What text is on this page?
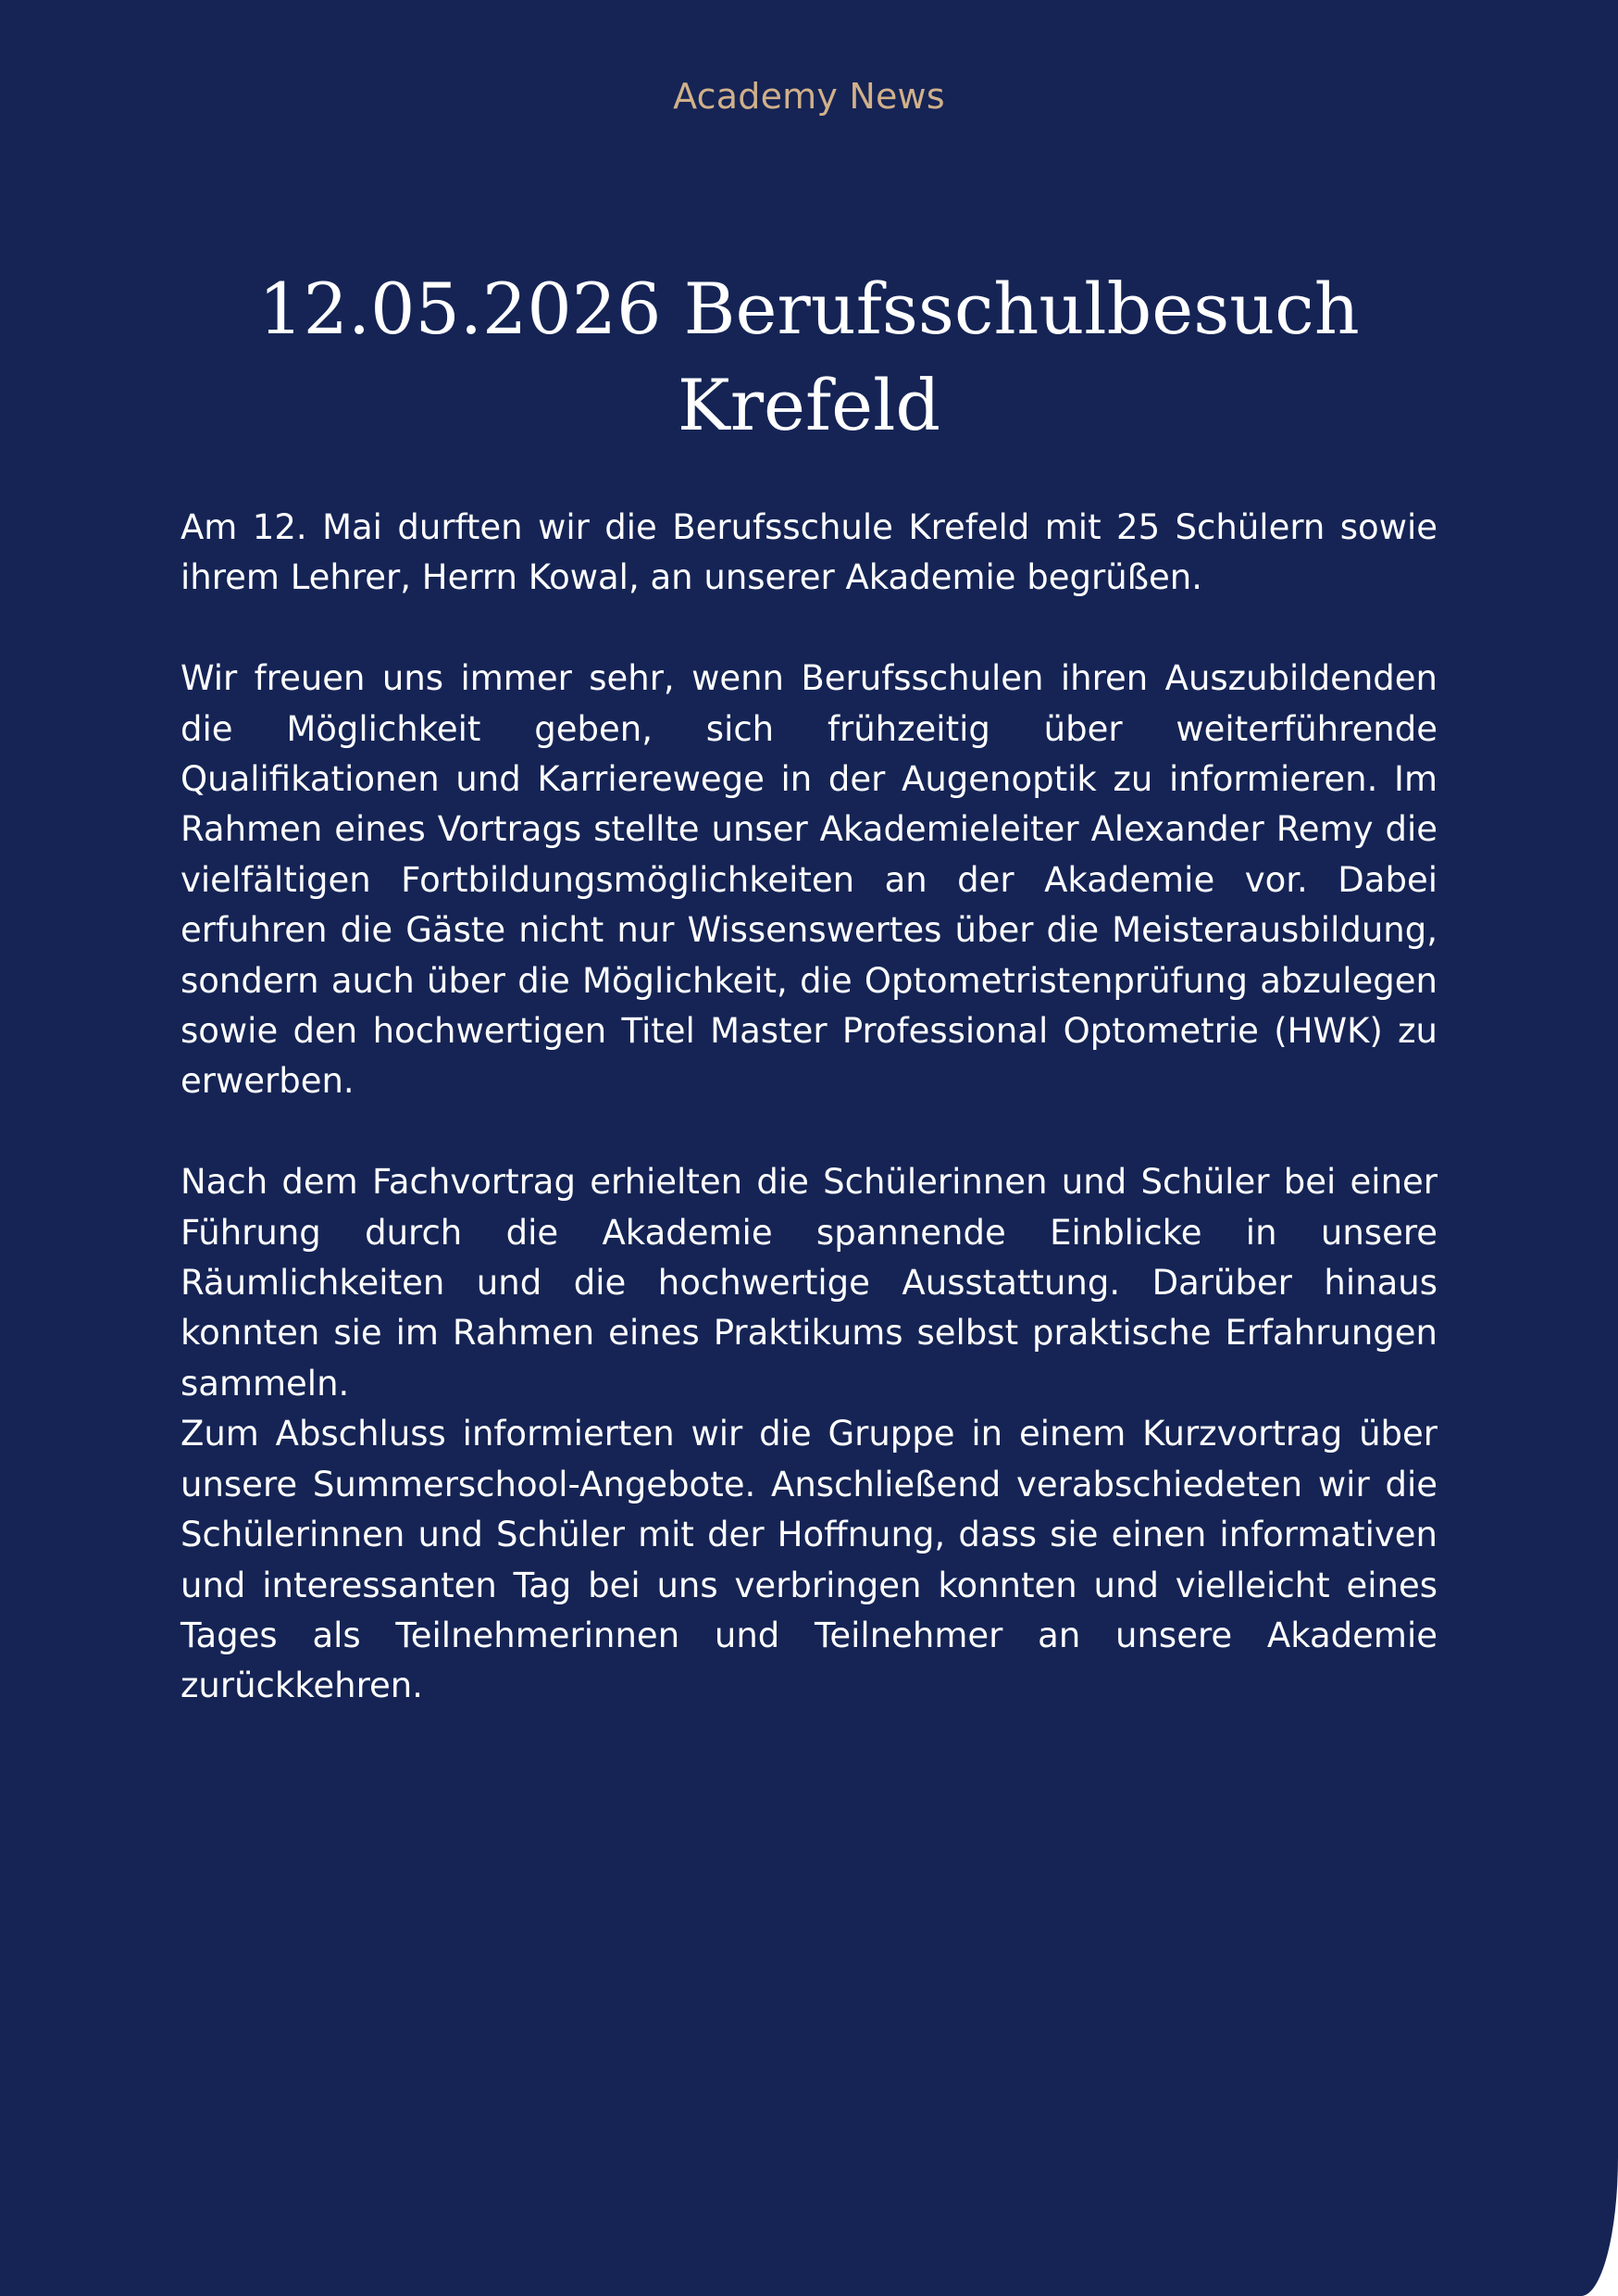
Academy News
12.05.2026 Berufsschulbesuch
Krefeld

Am 12. Mai durften wir die Berufsschule Krefeld mit 25 Schülern sowie ihrem Lehrer, Herrn Kowal, an unserer Akademie begrüßen.

Wir freuen uns immer sehr, wenn Berufsschulen ihren Auszubildenden die Möglichkeit geben, sich frühzeitig über weiterführende Qualifikationen und Karrierewege in der Augenoptik zu informieren. Im Rahmen eines Vortrags stellte unser Akademieleiter Alexander Remy die vielfältigen Fortbildungsmöglichkeiten an der Akademie vor. Dabei erfuhren die Gäste nicht nur Wissenswertes über die Meisterausbildung, sondern auch über die Möglichkeit, die Optometristenprüfung abzulegen sowie den hochwertigen Titel Master Professional Optometrie (HWK) zu erwerben.

Nach dem Fachvortrag erhielten die Schülerinnen und Schüler bei einer Führung durch die Akademie spannende Einblicke in unsere Räumlichkeiten und die hochwertige Ausstattung. Darüber hinaus konnten sie im Rahmen eines Praktikums selbst praktische Erfahrungen sammeln.

Zum Abschluss informierten wir die Gruppe in einem Kurzvortrag über unsere Summerschool-Angebote. Anschließend verabschiedeten wir die Schülerinnen und Schüler mit der Hoffnung, dass sie einen informativen und interessanten Tag bei uns verbringen konnten und vielleicht eines Tages als Teilnehmerinnen und Teilnehmer an unsere Akademie zurückkehren.
